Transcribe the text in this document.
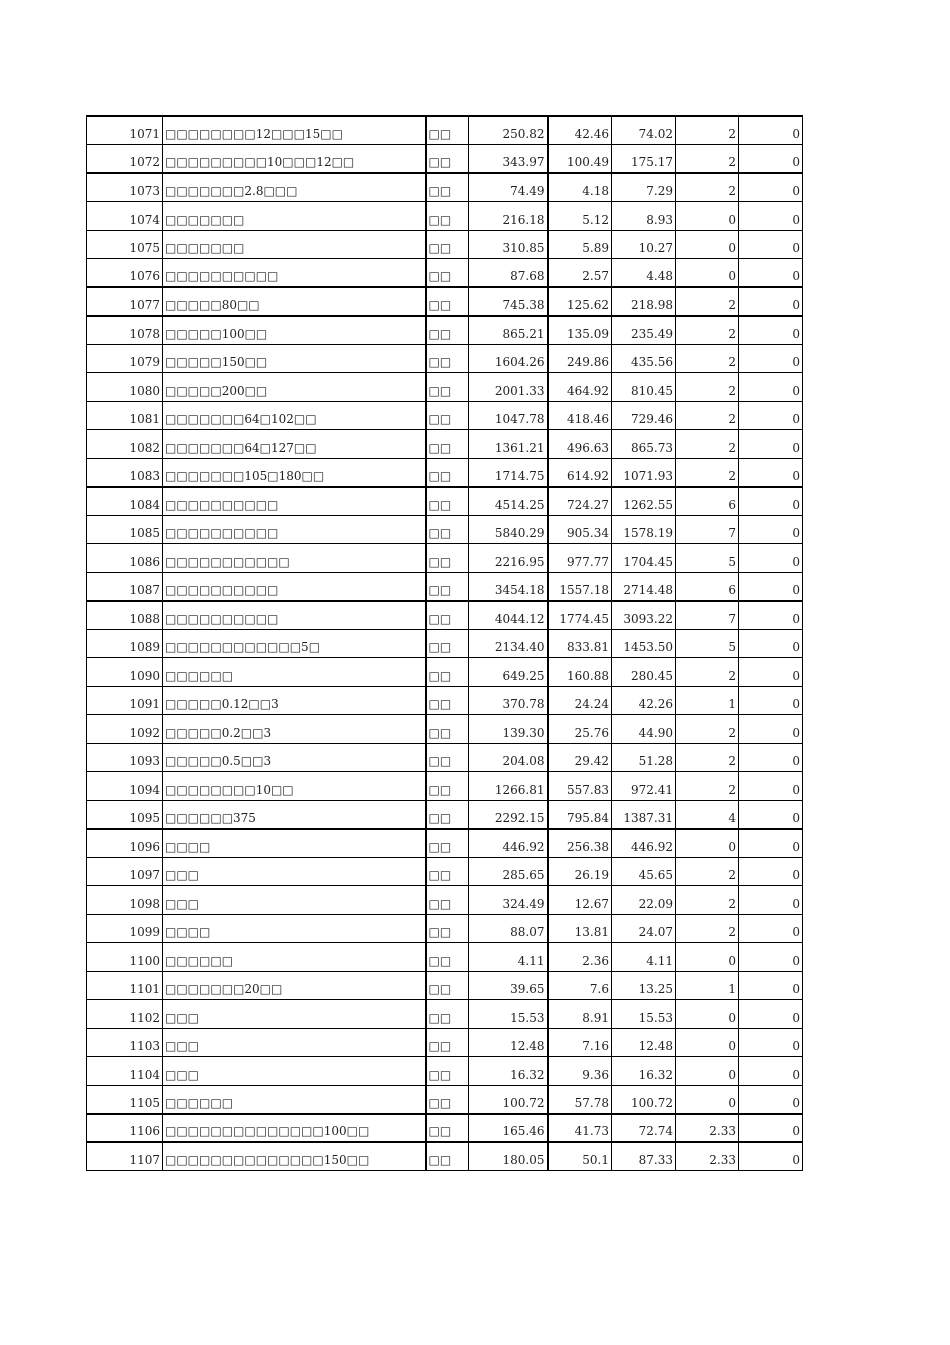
1071	□□□□□□□□12□□□15□□	□□	250.82	42.46	74.02	2	0
1072	□□□□□□□□□10□□□12□□	□□	343.97	100.49	175.17	2	0
1073	□□□□□□□2.8□□□	□□	74.49	4.18	7.29	2	0
1074	□□□□□□□	□□	216.18	5.12	8.93	0	0
1075	□□□□□□□	□□	310.85	5.89	10.27	0	0
1076	□□□□□□□□□□	□□	87.68	2.57	4.48	0	0
1077	□□□□□80□□	□□	745.38	125.62	218.98	2	0
1078	□□□□□100□□	□□	865.21	135.09	235.49	2	0
1079	□□□□□150□□	□□	1604.26	249.86	435.56	2	0
1080	□□□□□200□□	□□	2001.33	464.92	810.45	2	0
1081	□□□□□□□64□102□□	□□	1047.78	418.46	729.46	2	0
1082	□□□□□□□64□127□□	□□	1361.21	496.63	865.73	2	0
1083	□□□□□□□105□180□□	□□	1714.75	614.92	1071.93	2	0
1084	□□□□□□□□□□	□□	4514.25	724.27	1262.55	6	0
1085	□□□□□□□□□□	□□	5840.29	905.34	1578.19	7	0
1086	□□□□□□□□□□□	□□	2216.95	977.77	1704.45	5	0
1087	□□□□□□□□□□	□□	3454.18	1557.18	2714.48	6	0
1088	□□□□□□□□□□	□□	4044.12	1774.45	3093.22	7	0
1089	□□□□□□□□□□□□5□	□□	2134.40	833.81	1453.50	5	0
1090	□□□□□□	□□	649.25	160.88	280.45	2	0
1091	□□□□□0.12□□3	□□	370.78	24.24	42.26	1	0
1092	□□□□□0.2□□3	□□	139.30	25.76	44.90	2	0
1093	□□□□□0.5□□3	□□	204.08	29.42	51.28	2	0
1094	□□□□□□□□10□□	□□	1266.81	557.83	972.41	2	0
1095	□□□□□□375	□□	2292.15	795.84	1387.31	4	0
1096	□□□□	□□	446.92	256.38	446.92	0	0
1097	□□□	□□	285.65	26.19	45.65	2	0
1098	□□□	□□	324.49	12.67	22.09	2	0
1099	□□□□	□□	88.07	13.81	24.07	2	0
1100	□□□□□□	□□	4.11	2.36	4.11	0	0
1101	□□□□□□□20□□	□□	39.65	7.6	13.25	1	0
1102	□□□	□□	15.53	8.91	15.53	0	0
1103	□□□	□□	12.48	7.16	12.48	0	0
1104	□□□	□□	16.32	9.36	16.32	0	0
1105	□□□□□□	□□	100.72	57.78	100.72	0	0
1106	□□□□□□□□□□□□□□100□□	□□	165.46	41.73	72.74	2.33	0
1107	□□□□□□□□□□□□□□150□□	□□	180.05	50.1	87.33	2.33	0
